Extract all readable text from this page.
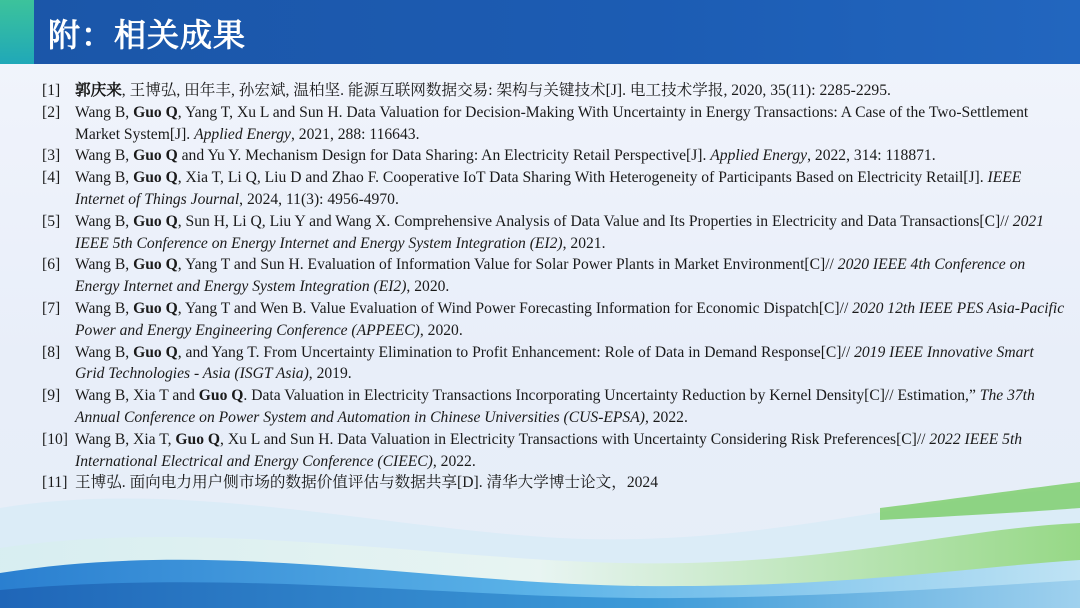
附：相关成果
[1] 郭庆来, 王博弘, 田年丰, 孙宏斌, 温柏坚. 能源互联网数据交易: 架构与关键技术[J]. 电工技术学报, 2020, 35(11): 2285-2295.
[2] Wang B, Guo Q, Yang T, Xu L and Sun H. Data Valuation for Decision-Making With Uncertainty in Energy Transactions: A Case of the Two-Settlement Market System[J]. Applied Energy, 2021, 288: 116643.
[3] Wang B, Guo Q and Yu Y. Mechanism Design for Data Sharing: An Electricity Retail Perspective[J]. Applied Energy, 2022, 314: 118871.
[4] Wang B, Guo Q, Xia T, Li Q, Liu D and Zhao F. Cooperative IoT Data Sharing With Heterogeneity of Participants Based on Electricity Retail[J]. IEEE Internet of Things Journal, 2024, 11(3): 4956-4970.
[5] Wang B, Guo Q, Sun H, Li Q, Liu Y and Wang X. Comprehensive Analysis of Data Value and Its Properties in Electricity and Data Transactions[C]// 2021 IEEE 5th Conference on Energy Internet and Energy System Integration (EI2), 2021.
[6] Wang B, Guo Q, Yang T and Sun H. Evaluation of Information Value for Solar Power Plants in Market Environment[C]// 2020 IEEE 4th Conference on Energy Internet and Energy System Integration (EI2), 2020.
[7] Wang B, Guo Q, Yang T and Wen B. Value Evaluation of Wind Power Forecasting Information for Economic Dispatch[C]// 2020 12th IEEE PES Asia-Pacific Power and Energy Engineering Conference (APPEEC), 2020.
[8] Wang B, Guo Q, and Yang T. From Uncertainty Elimination to Profit Enhancement: Role of Data in Demand Response[C]// 2019 IEEE Innovative Smart Grid Technologies - Asia (ISGT Asia), 2019.
[9] Wang B, Xia T and Guo Q. Data Valuation in Electricity Transactions Incorporating Uncertainty Reduction by Kernel Density[C]// Estimation,” The 37th Annual Conference on Power System and Automation in Chinese Universities (CUS-EPSA), 2022.
[10] Wang B, Xia T, Guo Q, Xu L and Sun H. Data Valuation in Electricity Transactions with Uncertainty Considering Risk Preferences[C]// 2022 IEEE 5th International Electrical and Energy Conference (CIEEC), 2022.
[11] 王博弘. 面向电力用户侧市场的数据价值评估与数据共享[D]. 清华大学博士论文，2024
